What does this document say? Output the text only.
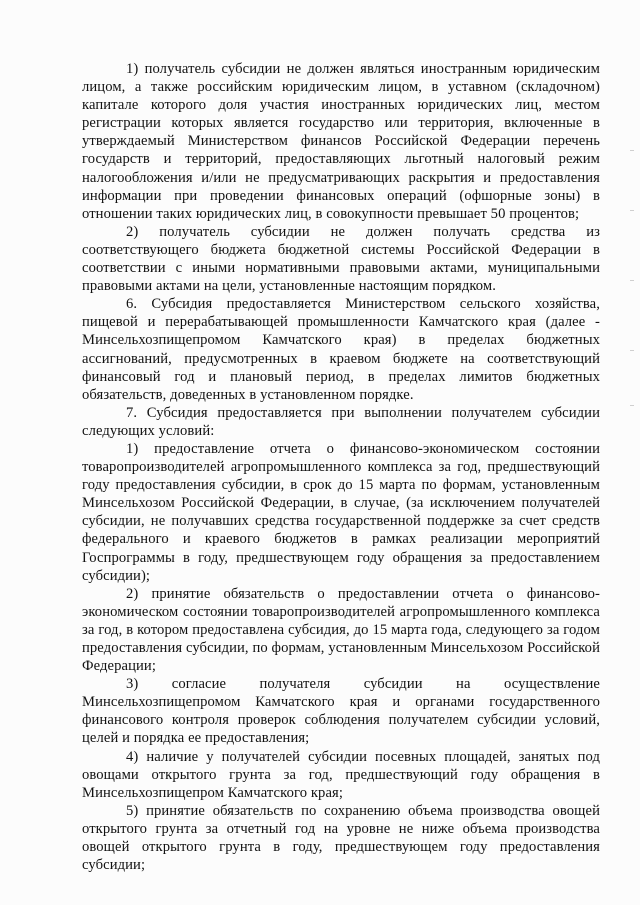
1) получатель субсидии не должен являться иностранным юридическим лицом, а также российским юридическим лицом, в уставном (складочном) капитале которого доля участия иностранных юридических лиц, местом регистрации которых является государство или территория, включенные в утверждаемый Министерством финансов Российской Федерации перечень государств и территорий, предоставляющих льготный налоговый режим налогообложения и/или не предусматривающих раскрытия и предоставления информации при проведении финансовых операций (офшорные зоны) в отношении таких юридических лиц, в совокупности превышает 50 процентов;

2) получатель субсидии не должен получать средства из соответствующего бюджета бюджетной системы Российской Федерации в соответствии с иными нормативными правовыми актами, муниципальными правовыми актами на цели, установленные настоящим порядком.

6. Субсидия предоставляется Министерством сельского хозяйства, пищевой и перерабатывающей промышленности Камчатского края (далее - Минсельхозпищепромом Камчатского края) в пределах бюджетных ассигнований, предусмотренных в краевом бюджете на соответствующий финансовый год и плановый период, в пределах лимитов бюджетных обязательств, доведенных в установленном порядке.

7. Субсидия предоставляется при выполнении получателем субсидии следующих условий:

1) предоставление отчета о финансово-экономическом состоянии товаропроизводителей агропромышленного комплекса за год, предшествующий году предоставления субсидии, в срок до 15 марта по формам, установленным Минсельхозом Российской Федерации, в случае, (за исключением получателей субсидии, не получавших средства государственной поддержке за счет средств федерального и краевого бюджетов в рамках реализации мероприятий Госпрограммы в году, предшествующем году обращения за предоставлением субсидии);

2) принятие обязательств о предоставлении отчета о финансово-экономическом состоянии товаропроизводителей агропромышленного комплекса за год, в котором предоставлена субсидия, до 15 марта года, следующего за годом предоставления субсидии, по формам, установленным Минсельхозом Российской Федерации;

3) согласие получателя субсидии на осуществление Минсельхозпищепромом Камчатского края и органами государственного финансового контроля проверок соблюдения получателем субсидии условий, целей и порядка ее предоставления;

4) наличие у получателей субсидии посевных площадей, занятых под овощами открытого грунта за год, предшествующий году обращения в Минсельхозпищепром Камчатского края;

5) принятие обязательств по сохранению объема производства овощей открытого грунта за отчетный год на уровне не ниже объема производства овощей открытого грунта в году, предшествующем году предоставления субсидии;
